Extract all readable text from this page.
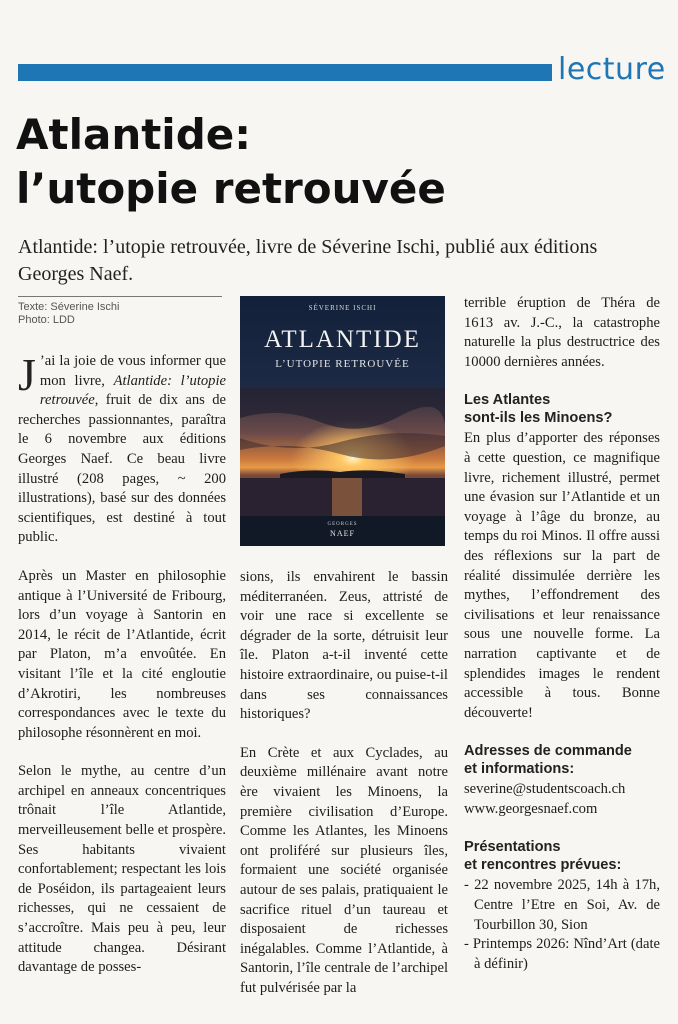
lecture
Atlantide:
l’utopie retrouvée

Atlantide: l’utopie retrouvée, livre de Séverine Ischi, publié aux éditions Georges Naef.

Texte: Séverine Ischi
Photo: LDD

J ’ai la joie de vous informer que mon livre, Atlantide: l’utopie retrouvée, fruit de dix ans de recherches passionnantes, paraîtra le 6 novembre aux éditions Georges Naef. Ce beau livre illustré (208 pages, ~ 200 illustrations), basé sur des données scientifiques, est destiné à tout public.

Après un Master en philosophie antique à l’Université de Fribourg, lors d’un voyage à Santorin en 2014, le récit de l’Atlantide, écrit par Platon, m’a envoûtée. En visitant l’île et la cité engloutie d’Akrotiri, les nombreuses correspondances avec le texte du philosophe résonnèrent en moi.

Selon le mythe, au centre d’un archipel en anneaux concentriques trônait l’île Atlantide, merveilleusement belle et prospère. Ses habitants vivaient confortablement; respectant les lois de Poséidon, ils partageaient leurs richesses, qui ne cessaient de s’accroître. Mais peu à peu, leur attitude changea. Désirant davantage de posses-

SÉVERINE ISCHI
ATLANTIDE
L’UTOPIE RETROUVÉE
GEORGES
NAEF

sions, ils envahirent le bassin méditerranéen. Zeus, attristé de voir une race si excellente se dégrader de la sorte, détruisit leur île. Platon a-t-il inventé cette histoire extraordinaire, ou puise-t-il dans ses connaissances historiques?

En Crète et aux Cyclades, au deuxième millénaire avant notre ère vivaient les Minoens, la première civilisation d’Europe. Comme les Atlantes, les Minoens ont proliféré sur plusieurs îles, formaient une société organisée autour de ses palais, pratiquaient le sacrifice rituel d’un taureau et disposaient de richesses inégalables. Comme l’Atlantide, à Santorin, l’île centrale de l’archipel fut pulvérisée par la

terrible éruption de Théra de 1613 av. J.-C., la catastrophe naturelle la plus destructrice des 10000 dernières années.

Les Atlantes
sont-ils les Minoens?

En plus d’apporter des réponses à cette question, ce magnifique livre, richement illustré, permet une évasion sur l’Atlantide et un voyage à l’âge du bronze, au temps du roi Minos. Il offre aussi des réflexions sur la part de réalité dissimulée derrière les mythes, l’effondrement des civilisations et leur renaissance sous une nouvelle forme. La narration captivante et de splendides images le rendent accessible à tous. Bonne découverte!

Adresses de commande
et informations:

severine@studentscoach.ch
www.georgesnaef.com

Présentations
et rencontres prévues:
- 22 novembre 2025, 14h à 17h, Centre l’Etre en Soi, Av. de Tourbillon 30, Sion
- Printemps 2026: Nînd’Art (date à définir)
